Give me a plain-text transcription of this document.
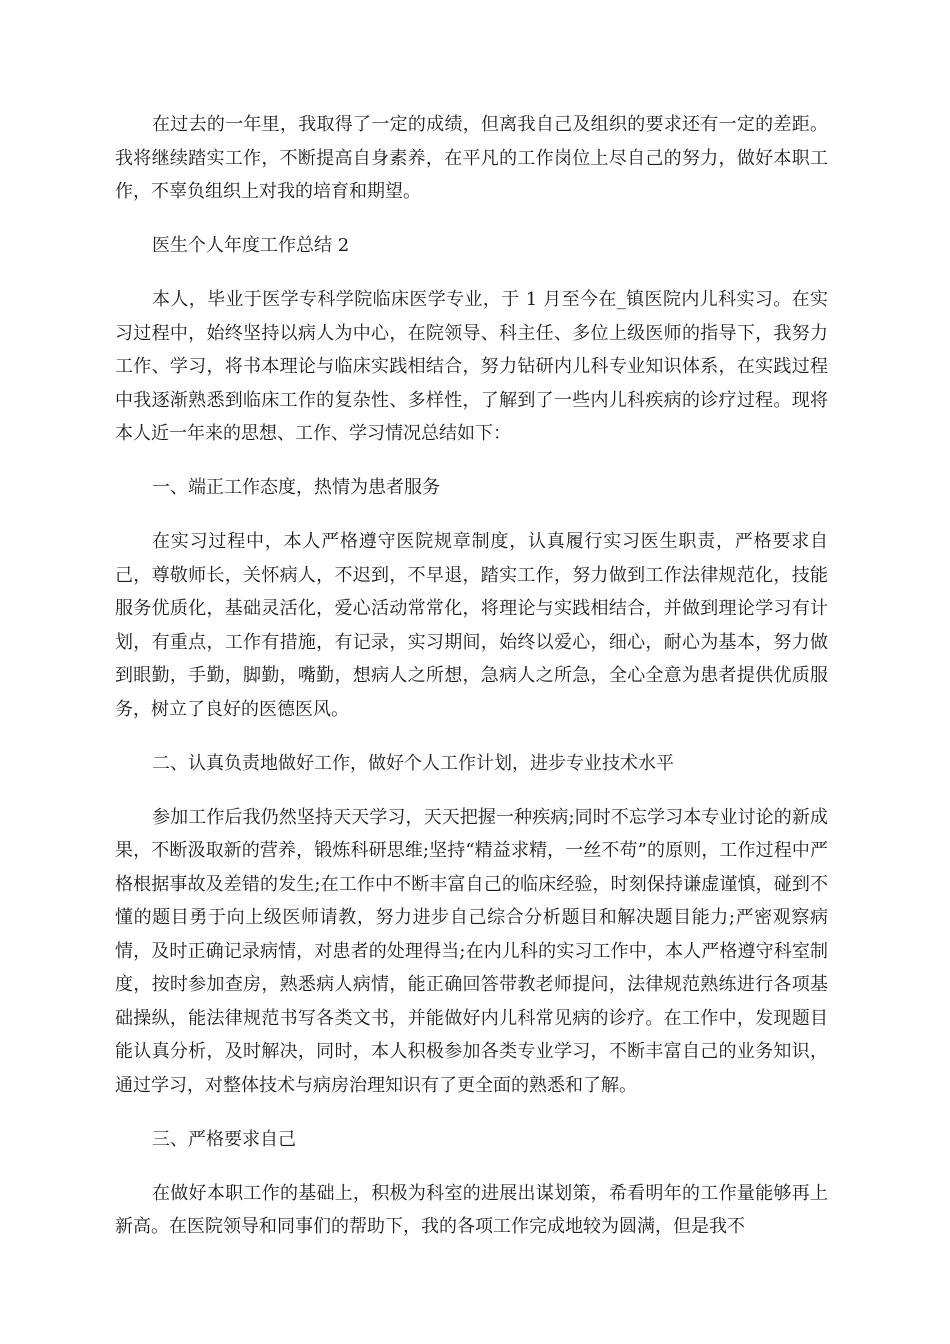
在过去的一年里，我取得了一定的成绩，但离我自己及组织的要求还有一定的差距。我将继续踏实工作，不断提高自身素养，在平凡的工作岗位上尽自己的努力，做好本职工作，不辜负组织上对我的培育和期望。

医生个人年度工作总结 2

本人，毕业于医学专科学院临床医学专业，于 1 月至今在_镇医院内儿科实习。在实习过程中，始终坚持以病人为中心，在院领导、科主任、多位上级医师的指导下，我努力工作、学习，将书本理论与临床实践相结合，努力钻研内儿科专业知识体系，在实践过程中我逐渐熟悉到临床工作的复杂性、多样性，了解到了一些内儿科疾病的诊疗过程。现将本人近一年来的思想、工作、学习情况总结如下：

一、端正工作态度，热情为患者服务

在实习过程中，本人严格遵守医院规章制度，认真履行实习医生职责，严格要求自己，尊敬师长，关怀病人，不迟到，不早退，踏实工作，努力做到工作法律规范化，技能服务优质化，基础灵活化，爱心活动常常化，将理论与实践相结合，并做到理论学习有计划，有重点，工作有措施，有记录，实习期间，始终以爱心，细心，耐心为基本，努力做到眼勤，手勤，脚勤，嘴勤，想病人之所想，急病人之所急，全心全意为患者提供优质服务，树立了良好的医德医风。

二、认真负责地做好工作，做好个人工作计划，进步专业技术水平

参加工作后我仍然坚持天天学习，天天把握一种疾病;同时不忘学习本专业讨论的新成果，不断汲取新的营养，锻炼科研思维;坚持“精益求精，一丝不苟”的原则，工作过程中严格根据事故及差错的发生;在工作中不断丰富自己的临床经验，时刻保持谦虚谨慎，碰到不懂的题目勇于向上级医师请教，努力进步自己综合分析题目和解决题目能力;严密观察病情，及时正确记录病情，对患者的处理得当;在内儿科的实习工作中，本人严格遵守科室制度，按时参加查房，熟悉病人病情，能正确回答带教老师提问，法律规范熟练进行各项基础操纵，能法律规范书写各类文书，并能做好内儿科常见病的诊疗。在工作中，发现题目能认真分析，及时解决，同时，本人积极参加各类专业学习，不断丰富自己的业务知识，通过学习，对整体技术与病房治理知识有了更全面的熟悉和了解。

三、严格要求自己

在做好本职工作的基础上，积极为科室的进展出谋划策，希看明年的工作量能够再上新高。在医院领导和同事们的帮助下，我的各项工作完成地较为圆满，但是我不
